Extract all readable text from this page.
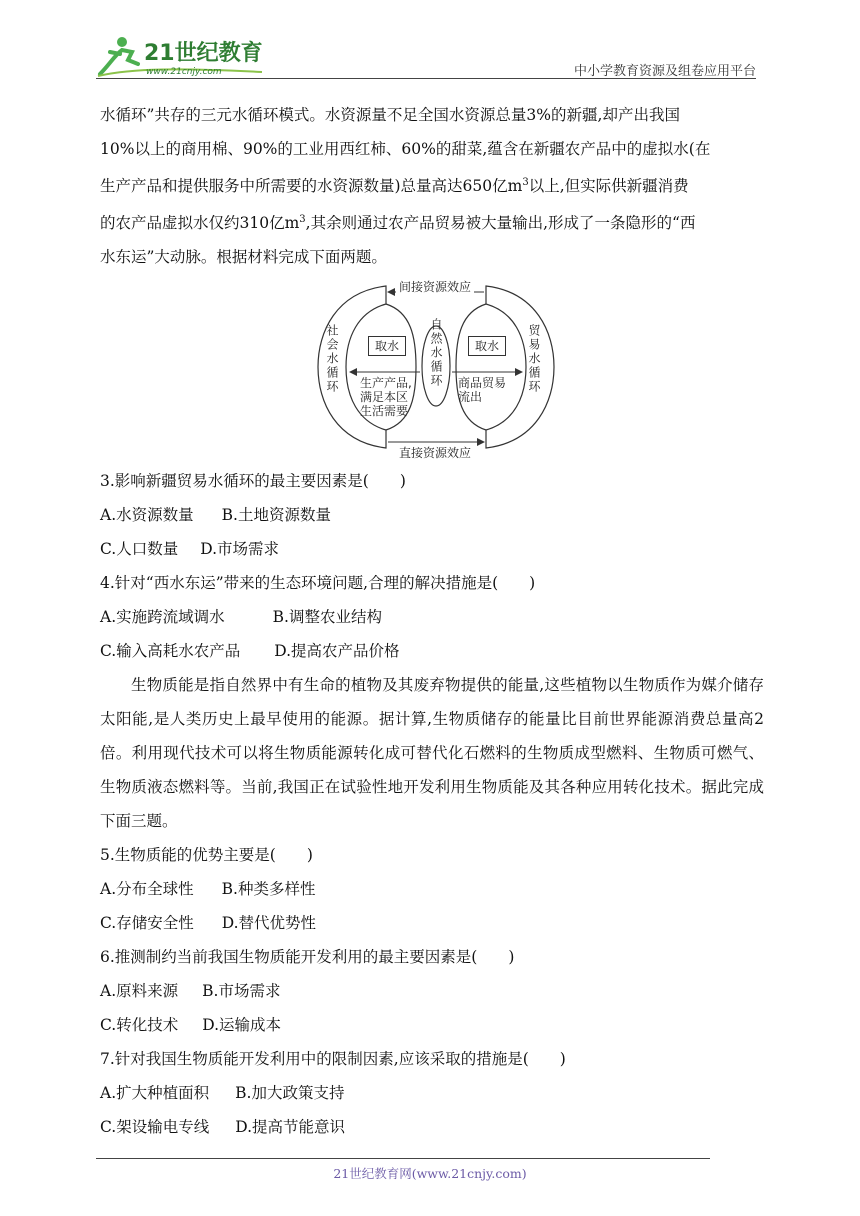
21世纪教育
www.21cnjy.com	中小学教育资源及组卷应用平台

水循环”共存的三元水循环模式。水资源量不足全国水资源总量3%的新疆,却产出我国
10%以上的商用棉、90%的工业用西红柿、60%的甜菜,蕴含在新疆农产品中的虚拟水(在
生产产品和提供服务中所需要的水资源数量)总量高达650亿$m^3$以上,但实际供新疆消费
的农产品虚拟水仅约310亿$m^3$,其余则通过农产品贸易被大量输出,形成了一条隐形的“西
水东运”大动脉。根据材料完成下面两题。

间接资源效应
直接资源效应
社会水循环	自然水循环	贸易水循环
取水	取水
生产产品,
满足本区
生活需要
商品贸易
流出

3.影响新疆贸易水循环的最主要因素是(　　)

A.水资源数量 B.土地资源数量

C.人口数量 D.市场需求

4.针对“西水东运”带来的生态环境问题,合理的解决措施是(　　)

A.实施跨流域调水	B.调整农业结构

C.输入高耗水农产品 D.提高农产品价格

生物质能是指自然界中有生命的植物及其废弃物提供的能量,这些植物以生物质作为媒介储存太阳能,是人类历史上最早使用的能源。据计算,生物质储存的能量比目前世界能源消费总量高2倍。利用现代技术可以将生物质能源转化成可替代化石燃料的生物质成型燃料、生物质可燃气、生物质液态燃料等。当前,我国正在试验性地开发利用生物质能及其各种应用转化技术。据此完成下面三题。

5.生物质能的优势主要是(　　)

A.分布全球性 B.种类多样性

C.存储安全性 D.替代优势性

6.推测制约当前我国生物质能开发利用的最主要因素是(　　)

A.原料来源 B.市场需求

C.转化技术 D.运输成本

7.针对我国生物质能开发利用中的限制因素,应该采取的措施是(　　)

A.扩大种植面积 B.加大政策支持

C.架设输电专线 D.提高节能意识

21世纪教育网(www.21cnjy.com)
